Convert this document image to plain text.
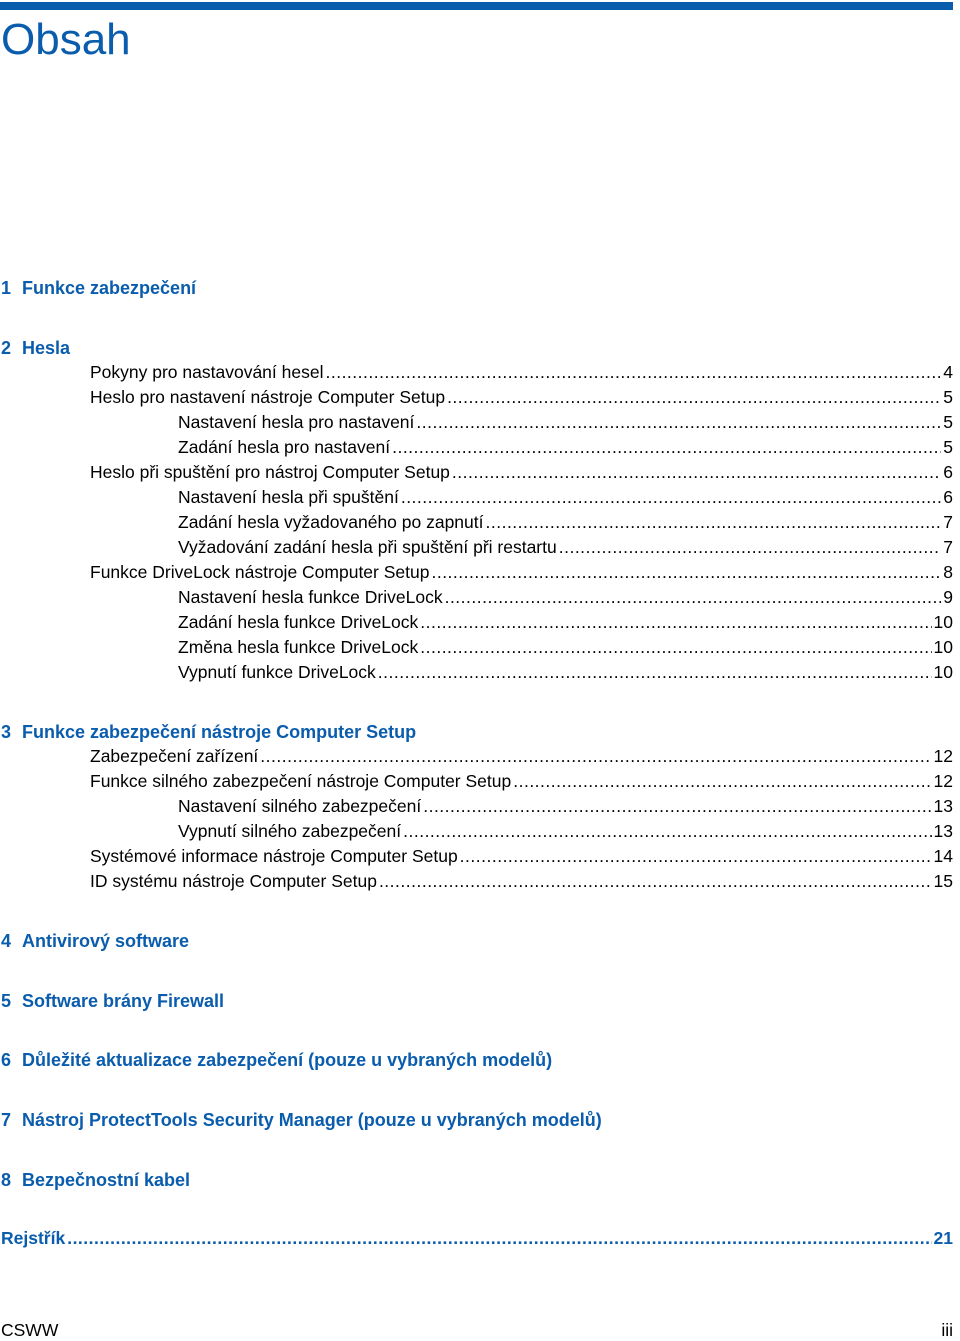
Obsah
1 Funkce zabezpečení
2 Hesla
Pokyny pro nastavování hesel .....	4
Heslo pro nastavení nástroje Computer Setup .....	5
Nastavení hesla pro nastavení .....	5
Zadání hesla pro nastavení .....	5
Heslo při spuštění pro nástroj Computer Setup .....	6
Nastavení hesla při spuštění .....	6
Zadání hesla vyžadovaného po zapnutí .....	7
Vyžadování zadání hesla při spuštění při restartu .....	7
Funkce DriveLock nástroje Computer Setup .....	8
Nastavení hesla funkce DriveLock .....	9
Zadání hesla funkce DriveLock .....	10
Změna hesla funkce DriveLock .....	10
Vypnutí funkce DriveLock .....	10
3 Funkce zabezpečení nástroje Computer Setup
Zabezpečení zařízení .....	12
Funkce silného zabezpečení nástroje Computer Setup .....	12
Nastavení silného zabezpečení .....	13
Vypnutí silného zabezpečení .....	13
Systémové informace nástroje Computer Setup .....	14
ID systému nástroje Computer Setup .....	15
4 Antivirový software
5 Software brány Firewall
6 Důležité aktualizace zabezpečení (pouze u vybraných modelů)
7 Nástroj ProtectTools Security Manager (pouze u vybraných modelů)
8 Bezpečnostní kabel
Rejstřík .....	21
CSWW	iii
